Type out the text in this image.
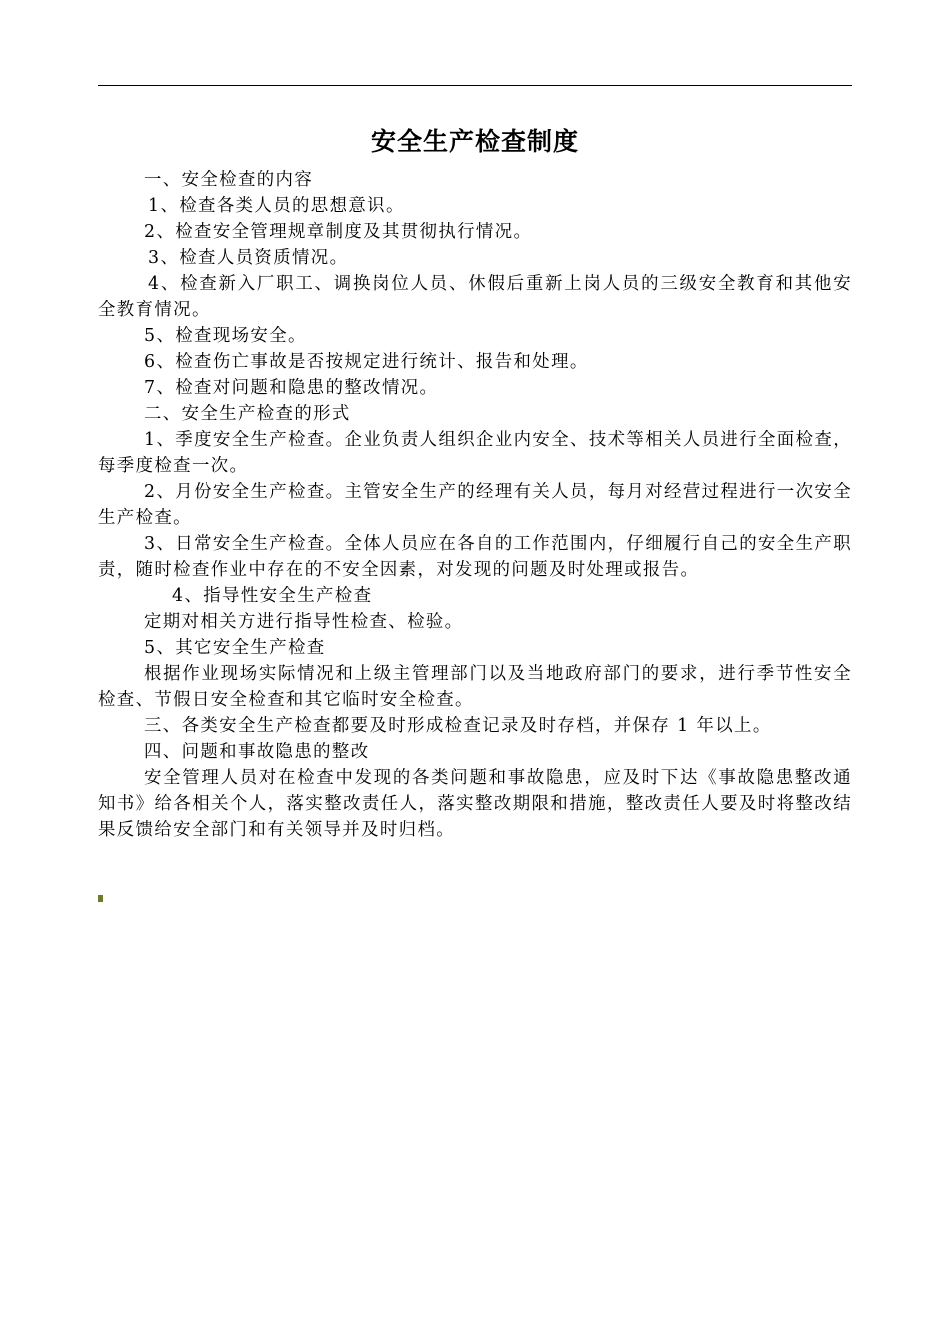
安全生产检查制度

一、安全检查的内容

1、检查各类人员的思想意识。

2、检查安全管理规章制度及其贯彻执行情况。

3、检查人员资质情况。

4、检查新入厂职工、调换岗位人员、休假后重新上岗人员的三级安全教育和其他安全教育情况。

5、检查现场安全。

6、检查伤亡事故是否按规定进行统计、报告和处理。

7、检查对问题和隐患的整改情况。

二、安全生产检查的形式

1、季度安全生产检查。企业负责人组织企业内安全、技术等相关人员进行全面检查，每季度检查一次。

2、月份安全生产检查。主管安全生产的经理有关人员，每月对经营过程进行一次安全生产检查。

3、日常安全生产检查。全体人员应在各自的工作范围内，仔细履行自己的安全生产职责，随时检查作业中存在的不安全因素，对发现的问题及时处理或报告。

4、指导性安全生产检查

定期对相关方进行指导性检查、检验。

5、其它安全生产检查

根据作业现场实际情况和上级主管理部门以及当地政府部门的要求，进行季节性安全检查、节假日安全检查和其它临时安全检查。

三、各类安全生产检查都要及时形成检查记录及时存档，并保存 1 年以上。

四、问题和事故隐患的整改

安全管理人员对在检查中发现的各类问题和事故隐患，应及时下达《事故隐患整改通知书》给各相关个人，落实整改责任人，落实整改期限和措施，整改责任人要及时将整改结果反馈给安全部门和有关领导并及时归档。
